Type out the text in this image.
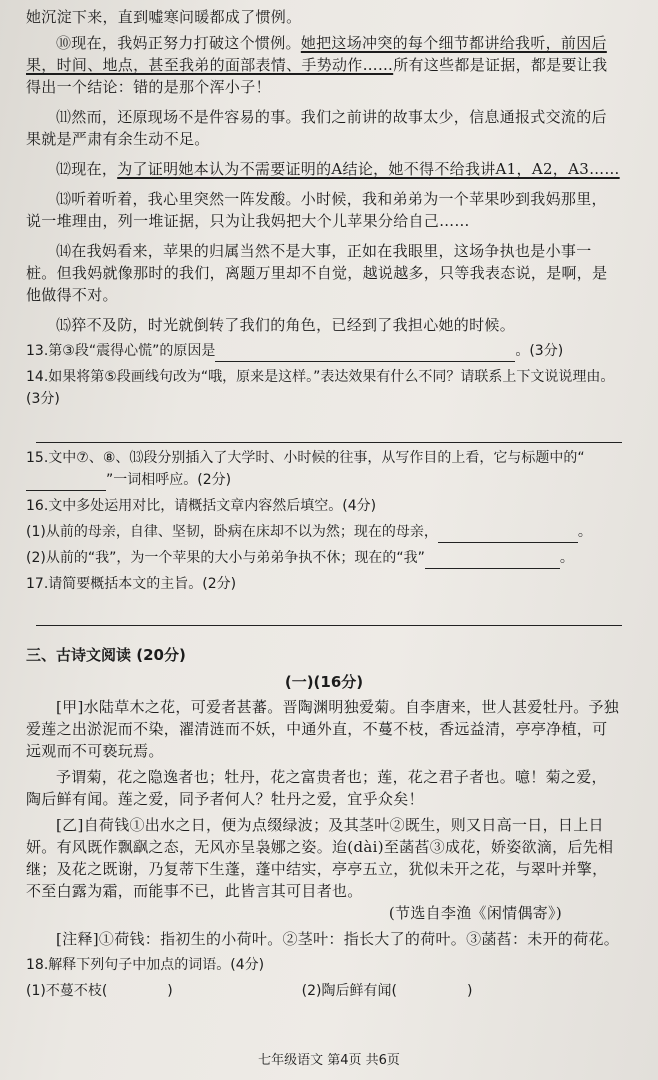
她沉淀下来，直到嘘寒问暖都成了惯例。

⑩现在，我妈正努力打破这个惯例。她把这场冲突的每个细节都讲给我听，前因后果，时间、地点，甚至我弟的面部表情、手势动作……所有这些都是证据，都是要让我得出一个结论：错的是那个浑小子！

⑾然而，还原现场不是件容易的事。我们之前讲的故事太少，信息通报式交流的后果就是严肃有余生动不足。

⑿现在，为了证明她本认为不需要证明的A结论，她不得不给我讲A1，A2，A3……

⒀听着听着，我心里突然一阵发酸。小时候，我和弟弟为一个苹果吵到我妈那里，说一堆理由，列一堆证据，只为让我妈把大个儿苹果分给自己……

⒁在我妈看来，苹果的归属当然不是大事，正如在我眼里，这场争执也是小事一桩。但我妈就像那时的我们，离题万里却不自觉，越说越多，只等我表态说，是啊，是他做得不对。

⒂猝不及防，时光就倒转了我们的角色，已经到了我担心她的时候。

13.第③段“震得心慌”的原因是	。(3分)

14.如果将第⑤段画线句改为“哦，原来是这样。”表达效果有什么不同？请联系上下文说说理由。(3分)

15.文中⑦、⑧、⒀段分别插入了大学时、小时候的往事，从写作目的上看，它与标题中的“”一词相呼应。(2分)

16.文中多处运用对比，请概括文章内容然后填空。(4分)

(1)从前的母亲，自律、坚韧，卧病在床却不以为然；现在的母亲，	。
(2)从前的“我”，为一个苹果的大小与弟弟争执不休；现在的“我”	。

17.请简要概括本文的主旨。(2分)

三、古诗文阅读 (20分)

(一)(16分)

[甲]水陆草木之花，可爱者甚蕃。晋陶渊明独爱菊。自李唐来，世人甚爱牡丹。予独爱莲之出淤泥而不染，濯清涟而不妖，中通外直，不蔓不枝，香远益清，亭亭净植，可远观而不可亵玩焉。

予谓菊，花之隐逸者也；牡丹，花之富贵者也；莲，花之君子者也。噫！菊之爱，陶后鲜有闻。莲之爱，同予者何人？牡丹之爱，宜乎众矣！

[乙]自荷钱①出水之日，便为点缀绿波；及其茎叶②既生，则又日高一日，日上日妍。有风既作飘飖之态，无风亦呈袅娜之姿。迨(dài)至菡萏③成花，娇姿欲滴，后先相继；及花之既谢，乃复蒂下生蓬，蓬中结实，亭亭五立，犹似未开之花，与翠叶并擎，不至白露为霜，而能事不已，此皆言其可目者也。

(节选自李渔《闲情偶寄》)

[注释]①荷钱：指初生的小荷叶。②茎叶：指长大了的荷叶。③菡萏：未开的荷花。

18.解释下列句子中加点的词语。(4分)

(1)不蔓不枝(	)	(2)陶后鲜有闻(	)

七年级语文 第4页 共6页
